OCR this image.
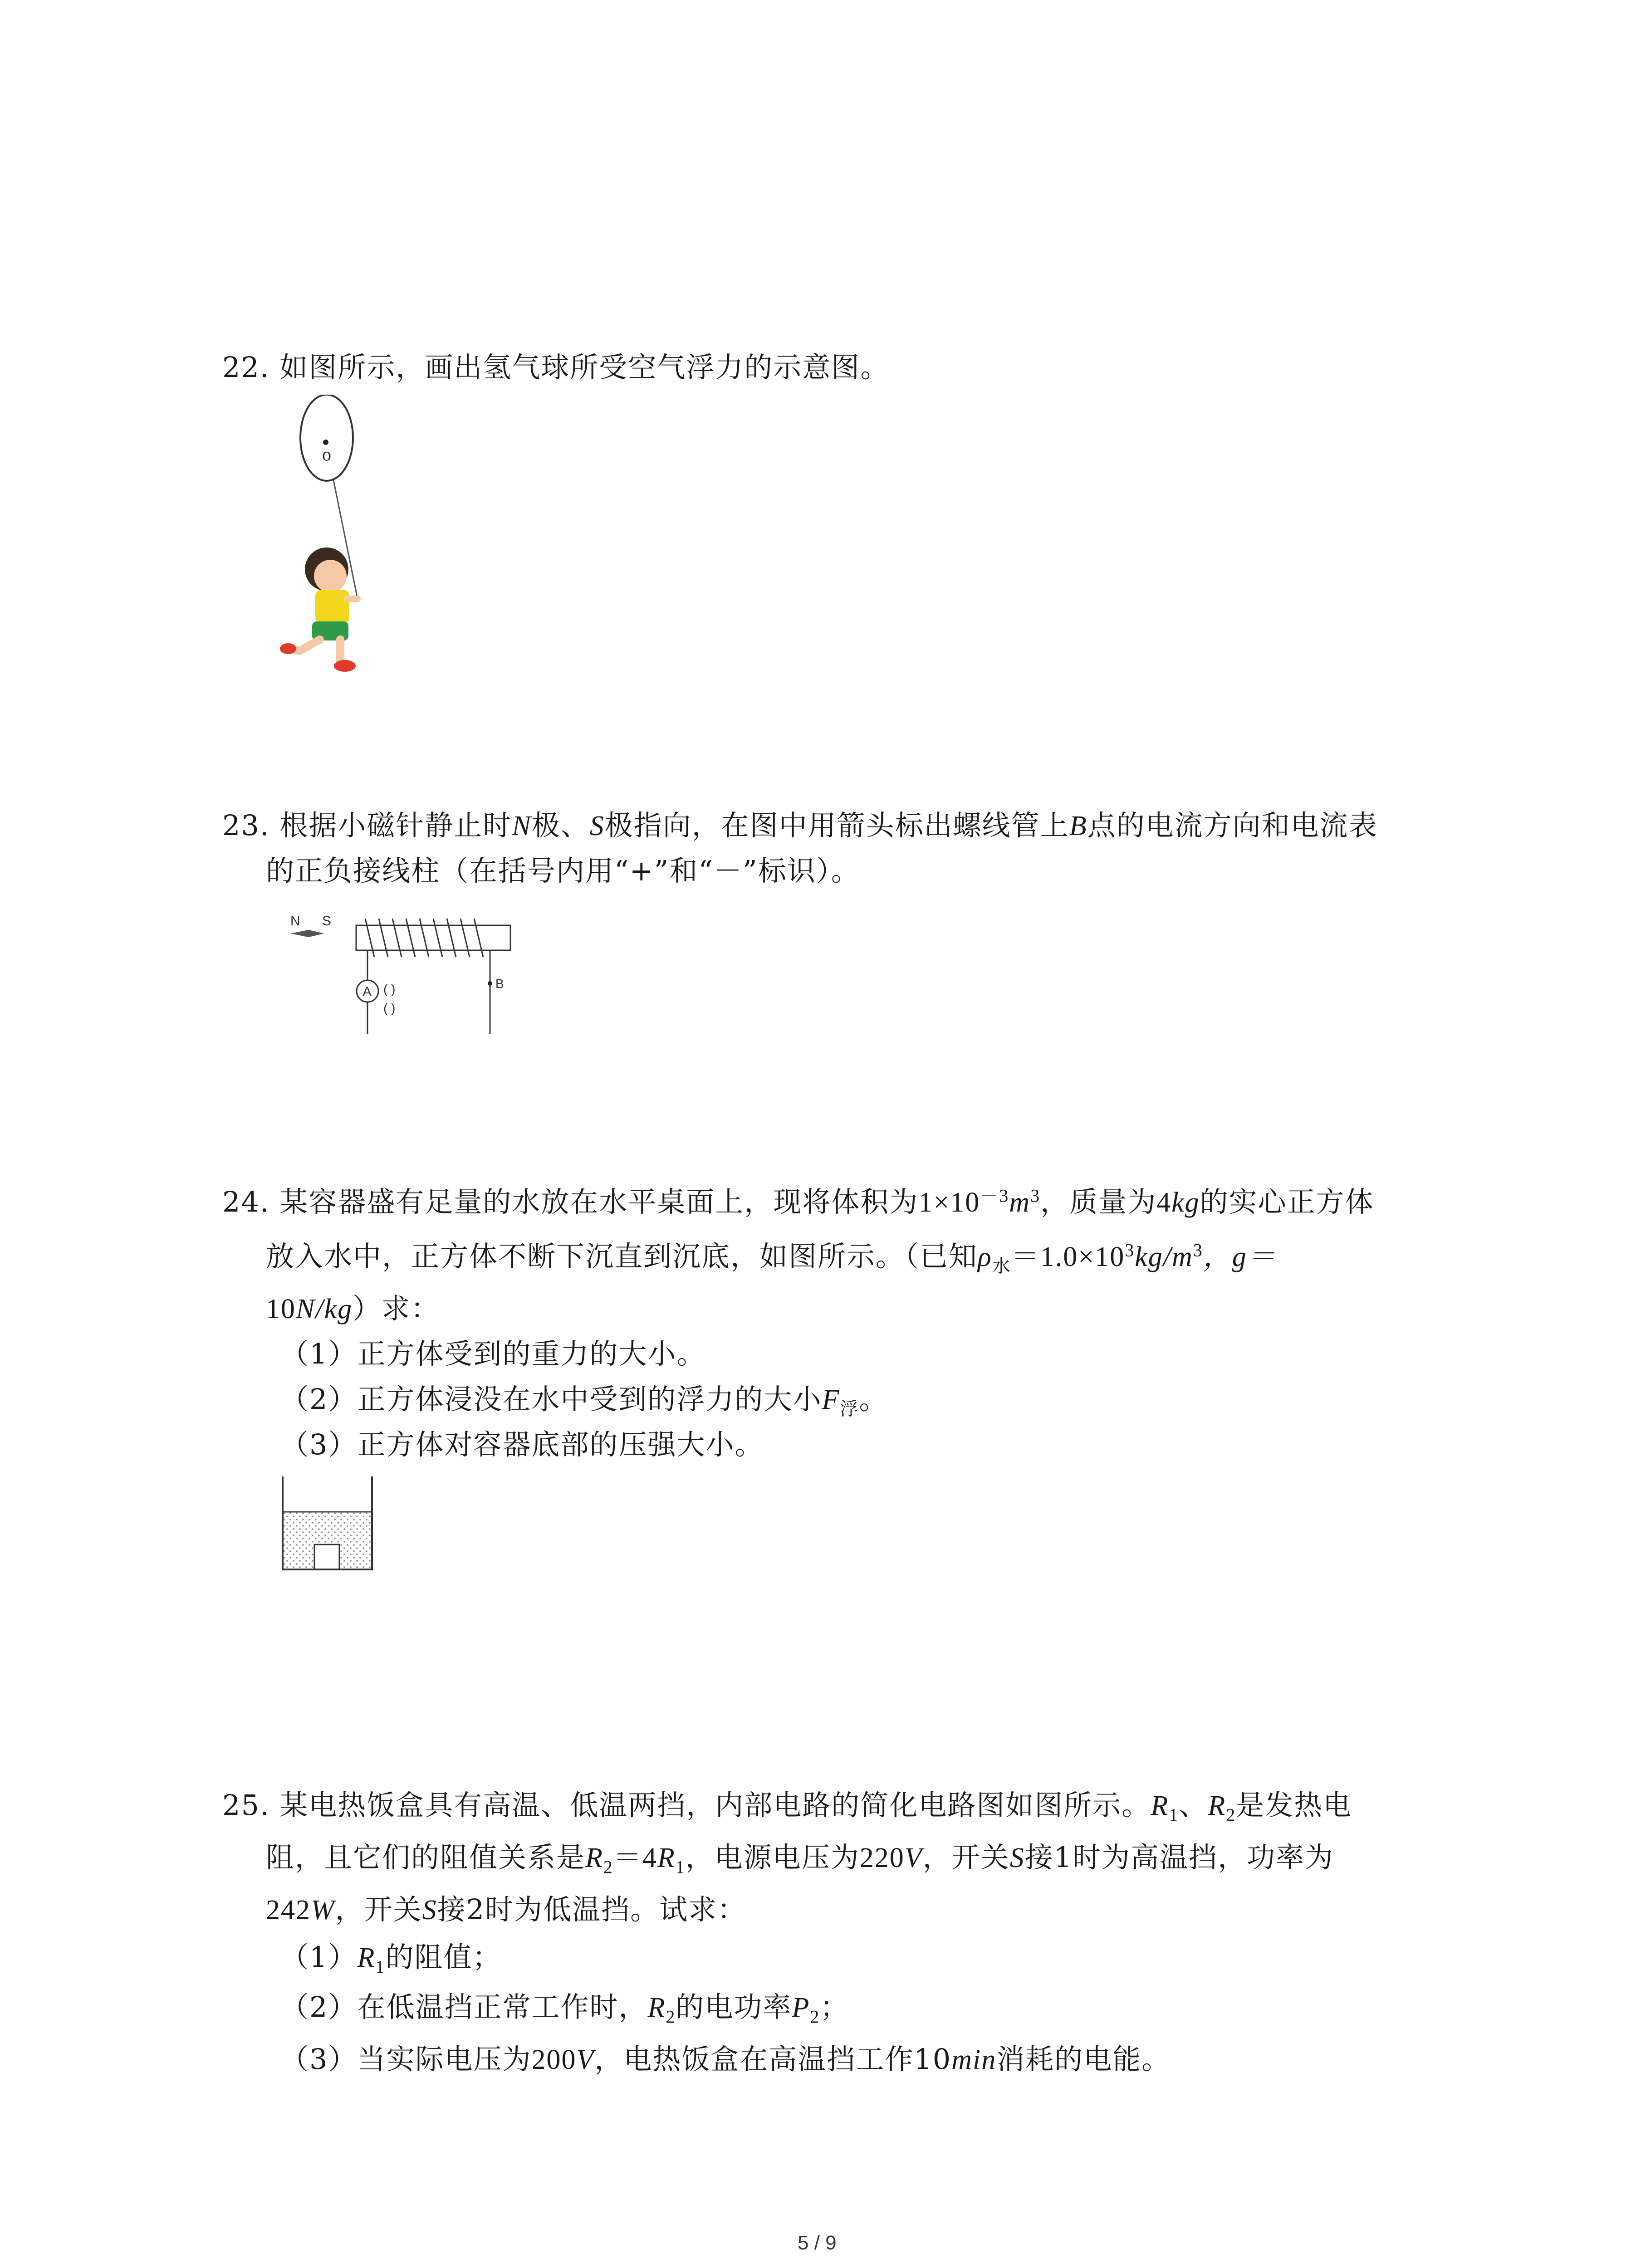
22. 如图所示，画出氢气球所受空气浮力的示意图。
o
23. 根据小磁针静止时N极、S极指向，在图中用箭头标出螺线管上B点的电流方向和电流表
的正负接线柱（在括号内用“+”和“－”标识）。
N S
A ( )
( )
B
24. 某容器盛有足量的水放在水平桌面上，现将体积为$1\times 10^{-3}m^3$，质量为4kg的实心正方体
放入水中，正方体不断下沉直到沉底，如图所示。（已知$\rho_水=1.0\times 10^3kg/m^3$，g＝
10N/kg）求：
（1）正方体受到的重力的大小。
（2）正方体浸没在水中受到的浮力的大小$F_浮$。
（3）正方体对容器底部的压强大小。
25. 某电热饭盒具有高温、低温两挡，内部电路的简化电路图如图所示。$R_1$、$R_2$是发热电
阻，且它们的阻值关系是$R_2=4R_1$，电源电压为220V，开关S接1时为高温挡，功率为
242W，开关S接2时为低温挡。试求：
$(1)R_1$的阻值；
（2）在低温挡正常工作时，$R_2$的电功率$P_2$；
（3）当实际电压为200V，电热饭盒在高温挡工作10min消耗的电能。
5 / 9
